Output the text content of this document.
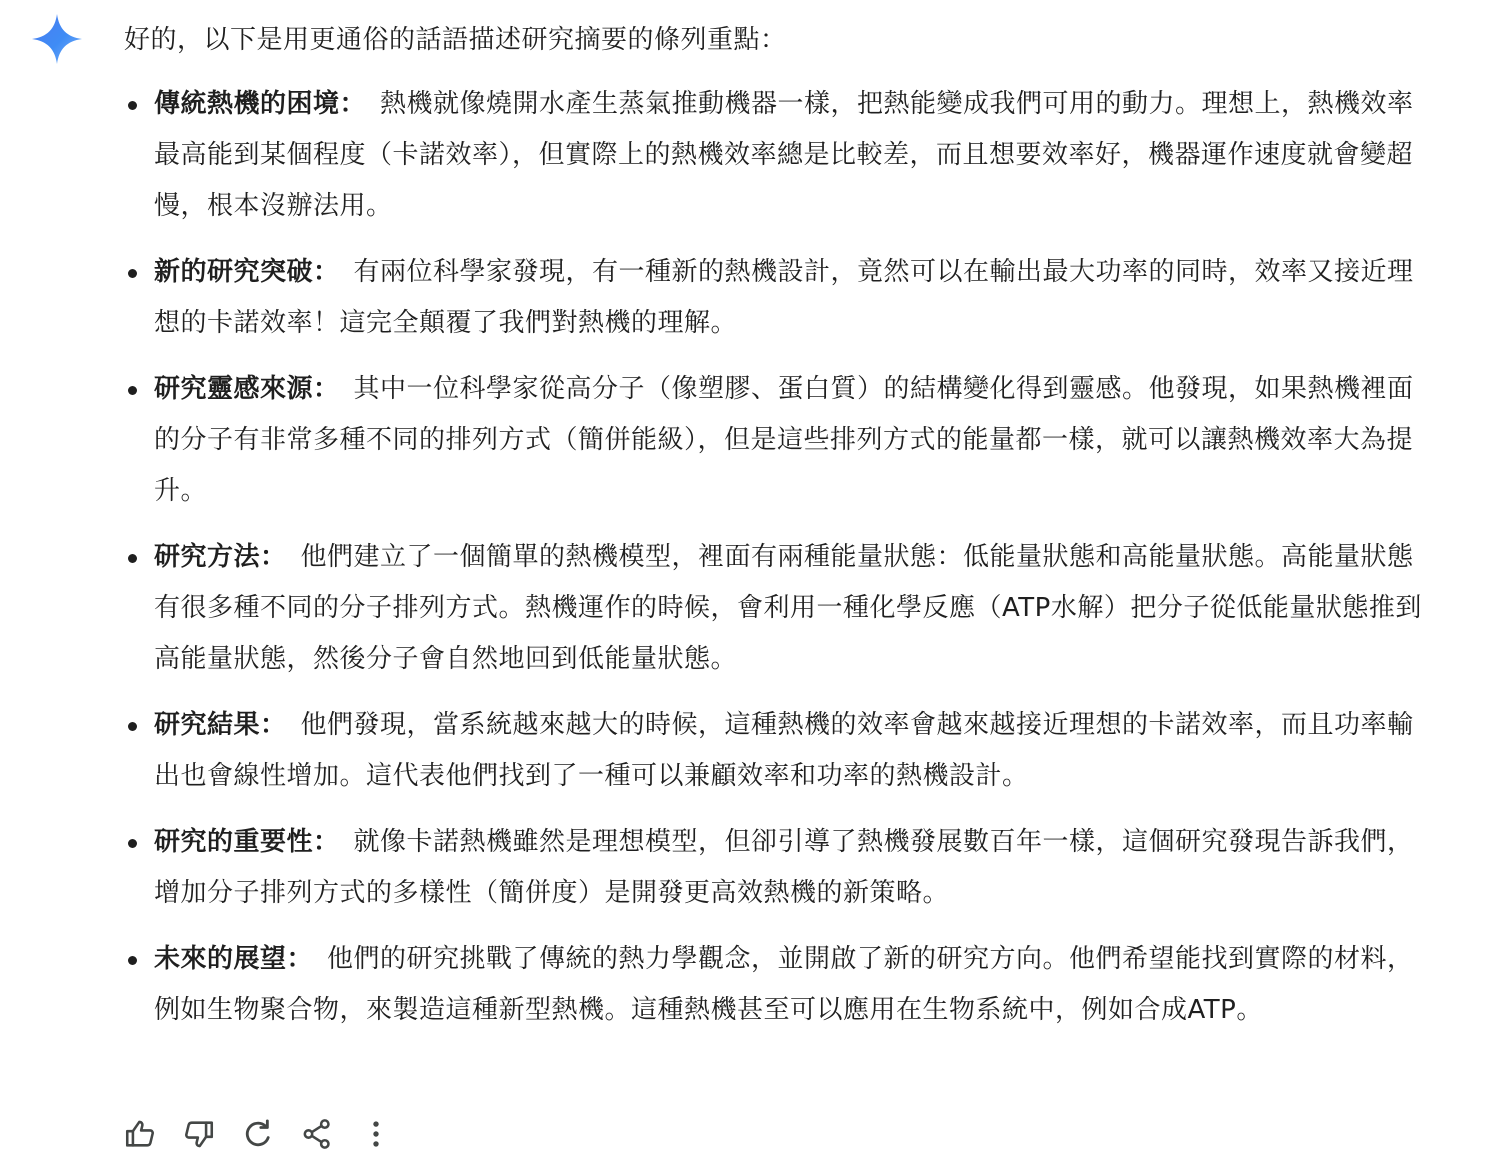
好的，以下是用更通俗的話語描述研究摘要的條列重點：
傳統熱機的困境： 熱機就像燒開水產生蒸氣推動機器一樣，把熱能變成我們可用的動力。理想上，熱機效率最高能到某個程度（卡諾效率），但實際上的熱機效率總是比較差，而且想要效率好，機器運作速度就會變超慢，根本沒辦法用。
新的研究突破： 有兩位科學家發現，有一種新的熱機設計，竟然可以在輸出最大功率的同時，效率又接近理想的卡諾效率！這完全顛覆了我們對熱機的理解。
研究靈感來源： 其中一位科學家從高分子（像塑膠、蛋白質）的結構變化得到靈感。他發現，如果熱機裡面的分子有非常多種不同的排列方式（簡併能級），但是這些排列方式的能量都一樣，就可以讓熱機效率大為提升。
研究方法： 他們建立了一個簡單的熱機模型，裡面有兩種能量狀態：低能量狀態和高能量狀態。高能量狀態有很多種不同的分子排列方式。熱機運作的時候，會利用一種化學反應（ATP水解）把分子從低能量狀態推到高能量狀態，然後分子會自然地回到低能量狀態。
研究結果： 他們發現，當系統越來越大的時候，這種熱機的效率會越來越接近理想的卡諾效率，而且功率輸出也會線性增加。這代表他們找到了一種可以兼顧效率和功率的熱機設計。
研究的重要性： 就像卡諾熱機雖然是理想模型，但卻引導了熱機發展數百年一樣，這個研究發現告訴我們，增加分子排列方式的多樣性（簡併度）是開發更高效熱機的新策略。
未來的展望： 他們的研究挑戰了傳統的熱力學觀念，並開啟了新的研究方向。他們希望能找到實際的材料，例如生物聚合物，來製造這種新型熱機。這種熱機甚至可以應用在生物系統中，例如合成ATP。
